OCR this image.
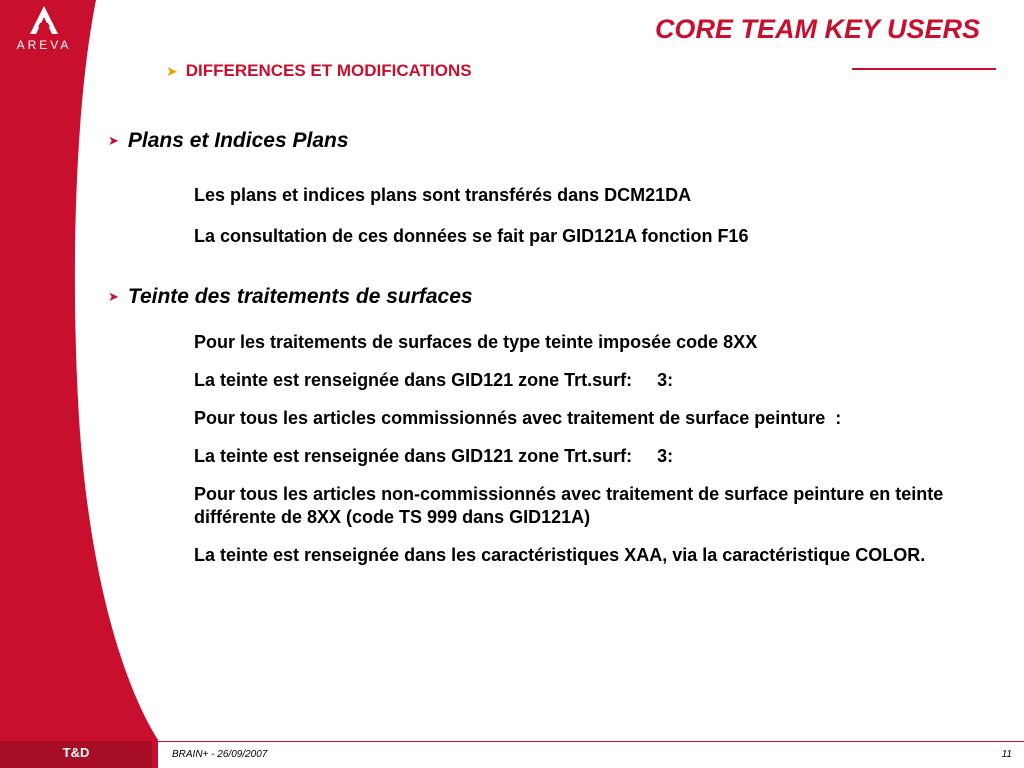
AREVA
T&D
CORE TEAM KEY USERS
➤ DIFFERENCES ET MODIFICATIONS
➤ Plans et Indices Plans

Les plans et indices plans sont transférés dans DCM21DA

La consultation de ces données se fait par GID121A fonction F16

➤ Teinte des traitements de surfaces

Pour les traitements de surfaces de type teinte imposée code 8XX

La teinte est renseignée dans GID121 zone Trt.surf:     3:

Pour tous les articles commissionnés avec traitement de surface peinture  :

La teinte est renseignée dans GID121 zone Trt.surf:     3:

Pour tous les articles non-commissionnés avec traitement de surface peinture en teinte différente de 8XX (code TS 999 dans GID121A)

La teinte est renseignée dans les caractéristiques XAA, via la caractéristique COLOR.

BRAIN+ - 26/09/2007	11
